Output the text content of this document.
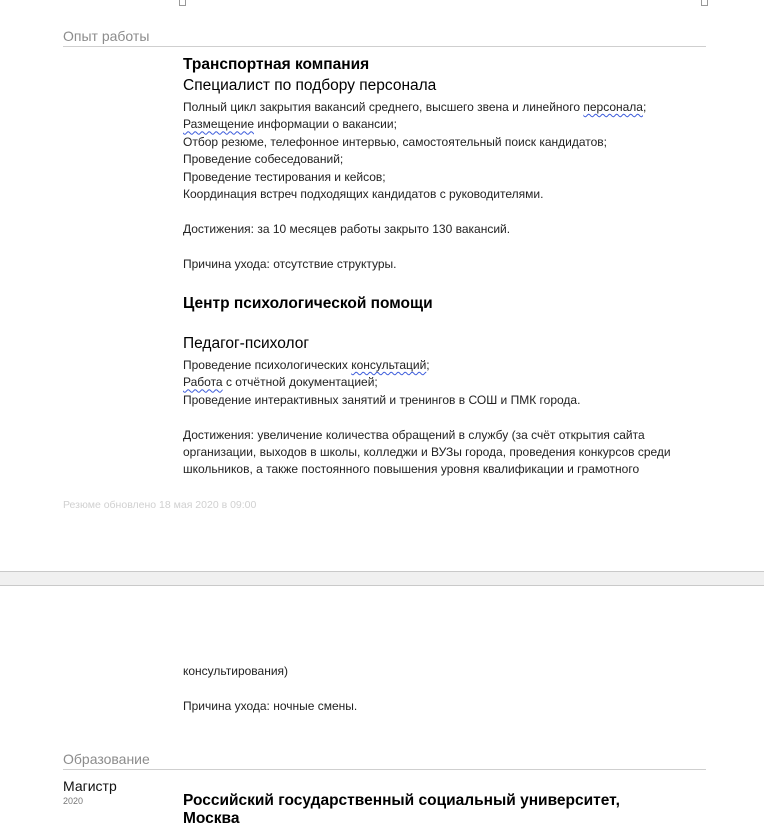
Опыт работы
Транспортная компания
Специалист по подбору персонала
Полный цикл закрытия вакансий среднего, высшего звена и линейного персонала;
Размещение информации о вакансии;
Отбор резюме, телефонное интервью, самостоятельный поиск кандидатов;
Проведение собеседований;
Проведение тестирования и кейсов;
Координация встреч подходящих кандидатов с руководителями.
Достижения: за 10 месяцев работы закрыто 130 вакансий.
Причина ухода: отсутствие структуры.
Центр психологической помощи
Педагог-психолог
Проведение психологических консультаций;
Работа с отчётной документацией;
Проведение интерактивных занятий и тренингов в СОШ и ПМК города.
Достижения: увеличение количества обращений в службу (за счёт открытия сайта
организации, выходов в школы, колледжи и ВУЗы города, проведения конкурсов среди
школьников, а также постоянного повышения уровня квалификации и грамотного
Резюме обновлено 18 мая 2020 в 09:00
консультирования)
Причина ухода: ночные смены.
Образование
Магистр
2020	Российский государственный социальный университет, Москва
